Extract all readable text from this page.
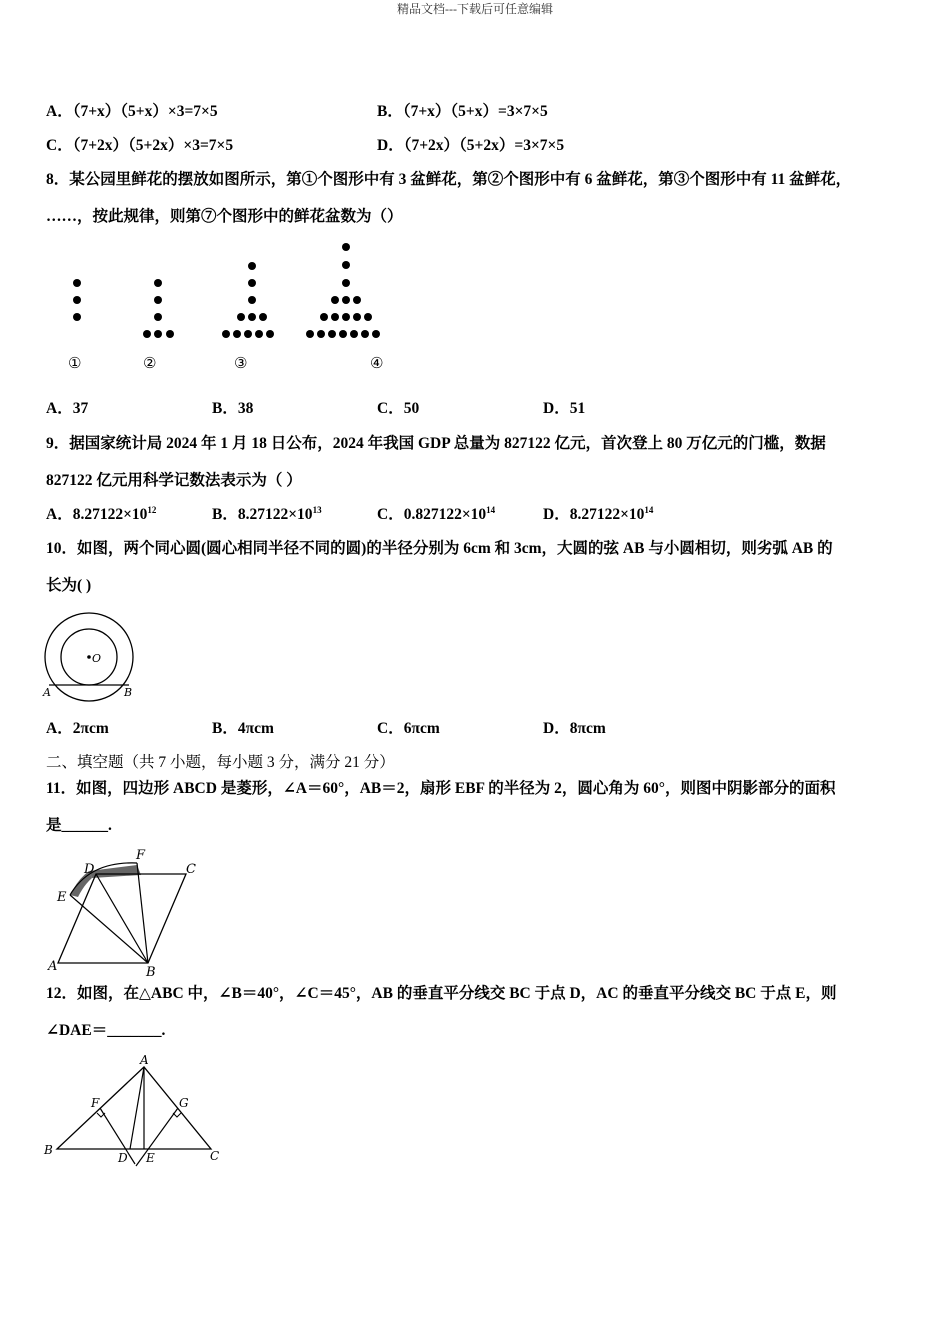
精品文档---下载后可任意编辑
A．（7+x）（5+x）×3=7×5	B．（7+x）（5+x）=3×7×5
C．（7+2x）（5+2x）×3=7×5	D．（7+2x）（5+2x）=3×7×5
8．某公园里鲜花的摆放如图所示，第①个图形中有 3 盆鲜花，第②个图形中有 6 盆鲜花，第③个图形中有 11 盆鲜花，
……，按此规律，则第⑦个图形中的鲜花盆数为（）
①	②	③	④
A．37	B．38	C．50	D．51
9．据国家统计局 2024 年 1 月 18 日公布，2024 年我国 GDP 总量为 827122 亿元，首次登上 80 万亿元的门槛，数据
827122 亿元用科学记数法表示为（ ）
A．$8.27122\times 10^{12}$	B．$8.27122\times 10^{13}$	C．$0.827122\times 10^{14}$	D．$8.27122\times 10^{14}$
10．如图，两个同心圆(圆心相同半径不同的圆)的半径分别为 6cm 和 3cm，大圆的弦 AB 与小圆相切，则劣弧 AB 的
长为( )
O
A	B
A．2πcm	B．4πcm	C．6πcm	D．8πcm
二、填空题（共 7 小题，每小题 3 分，满分 21 分）
11．如图，四边形 ABCD 是菱形，∠A＝60°，AB＝2，扇形 EBF 的半径为 2，圆心角为 60°，则图中阴影部分的面积
是______.
A	B
C
D
E
F
12．如图，在△ABC 中，∠B＝40°，∠C＝45°，AB 的垂直平分线交 BC 于点 D，AC 的垂直平分线交 BC 于点 E，则
∠DAE＝_______.
A
B	C
D E
F	G
